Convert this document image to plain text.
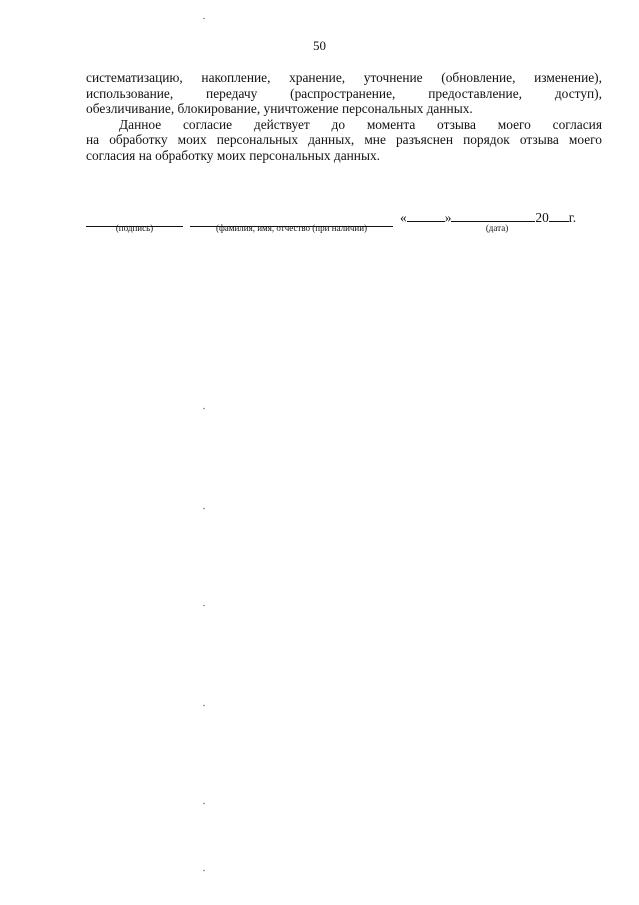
50

систематизацию, накопление, хранение, уточнение (обновление, изменение),
использование, передачу (распространение, предоставление, доступ),
обезличивание, блокирование, уничтожение персональных данных.

Данное согласие действует до момента отзыва моего согласия
на обработку моих персональных данных, мне разъяснен порядок отзыва моего
согласия на обработку моих персональных данных.

(подпись)	(фамилия, имя, отчество (при наличии)
«	»	20 г.
(дата)
